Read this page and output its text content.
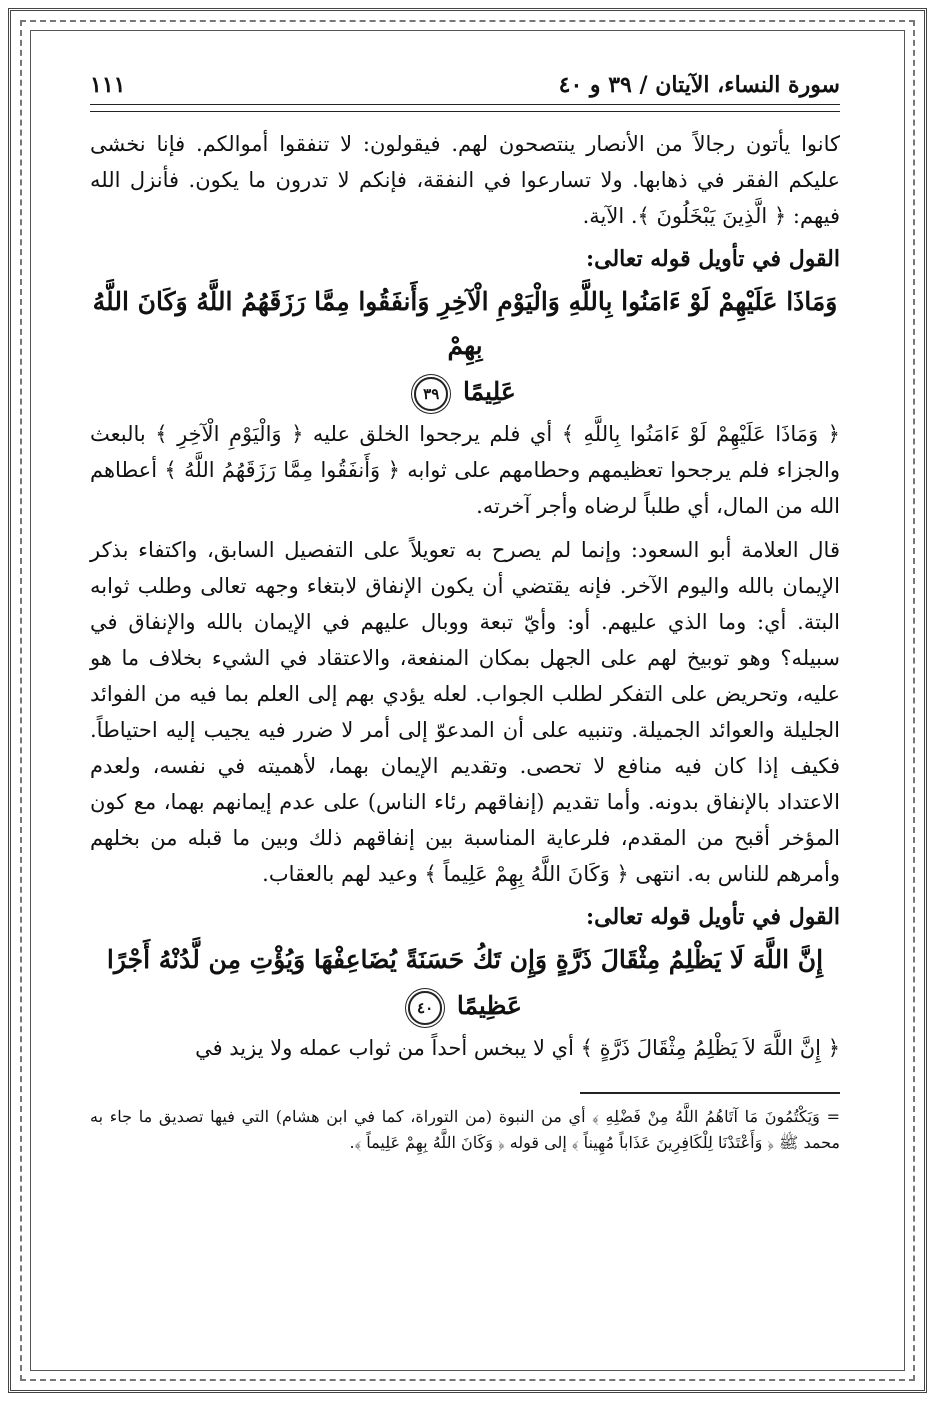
سورة النساء، الآيتان / ٣٩ و ٤٠
١١١

كانوا يأتون رجالاً من الأنصار ينتصحون لهم. فيقولون: لا تنفقوا أموالكم. فإنا نخشى عليكم الفقر في ذهابها. ولا تسارعوا في النفقة، فإنكم لا تدرون ما يكون. فأنزل الله فيهم: ﴿ الَّذِينَ يَبْخَلُونَ ﴾. الآية.

القول في تأويل قوله تعالى:
وَمَاذَا عَلَيْهِمْ لَوْ ءَامَنُوا بِاللَّهِ وَالْيَوْمِ الْآخِرِ وَأَنفَقُوا مِمَّا رَزَقَهُمُ اللَّهُ وَكَانَ اللَّهُ بِهِمْ
عَلِيمًا ٣٩

﴿ وَمَاذَا عَلَيْهِمْ لَوْ ءَامَنُوا بِاللَّهِ ﴾ أي فلم يرجحوا الخلق عليه ﴿ وَالْيَوْمِ الْآخِرِ ﴾ بالبعث والجزاء فلم يرجحوا تعظيمهم وحطامهم على ثوابه ﴿ وَأَنفَقُوا مِمَّا رَزَقَهُمُ اللَّهُ ﴾ أعطاهم الله من المال، أي طلباً لرضاه وأجر آخرته.

قال العلامة أبو السعود: وإنما لم يصرح به تعويلاً على التفصيل السابق، واكتفاء بذكر الإيمان بالله واليوم الآخر. فإنه يقتضي أن يكون الإنفاق لابتغاء وجهه تعالى وطلب ثوابه البتة. أي: وما الذي عليهم. أو: وأيّ تبعة ووبال عليهم في الإيمان بالله والإنفاق في سبيله؟ وهو توبيخ لهم على الجهل بمكان المنفعة، والاعتقاد في الشيء بخلاف ما هو عليه، وتحريض على التفكر لطلب الجواب. لعله يؤدي بهم إلى العلم بما فيه من الفوائد الجليلة والعوائد الجميلة. وتنبيه على أن المدعوّ إلى أمر لا ضرر فيه يجيب إليه احتياطاً. فكيف إذا كان فيه منافع لا تحصى. وتقديم الإيمان بهما، لأهميته في نفسه، ولعدم الاعتداد بالإنفاق بدونه. وأما تقديم (إنفاقهم رئاء الناس) على عدم إيمانهم بهما، مع كون المؤخر أقبح من المقدم، فلرعاية المناسبة بين إنفاقهم ذلك وبين ما قبله من بخلهم وأمرهم للناس به. انتهى ﴿ وَكَانَ اللَّهُ بِهِمْ عَلِيماً ﴾ وعيد لهم بالعقاب.

القول في تأويل قوله تعالى:
إِنَّ اللَّهَ لَا يَظْلِمُ مِثْقَالَ ذَرَّةٍ وَإِن تَكُ حَسَنَةً يُضَاعِفْهَا وَيُؤْتِ مِن لَّدُنْهُ أَجْرًا
عَظِيمًا ٤٠

﴿ إِنَّ اللَّهَ لاَ يَظْلِمُ مِثْقَالَ ذَرَّةٍ ﴾ أي لا يبخس أحداً من ثواب عمله ولا يزيد في

= وَيَكْتُمُونَ مَا آتَاهُمُ اللَّهُ مِنْ فَضْلِهِ ﴾ أي من النبوة (من التوراة، كما في ابن هشام) التي فيها تصديق ما جاء به محمد ﷺ ﴿ وَأَعْتَدْنَا لِلْكَافِرِينَ عَذَاباً مُهِيناً ﴾ إلى قوله ﴿ وَكَانَ اللَّهُ بِهِمْ عَلِيماً ﴾.
